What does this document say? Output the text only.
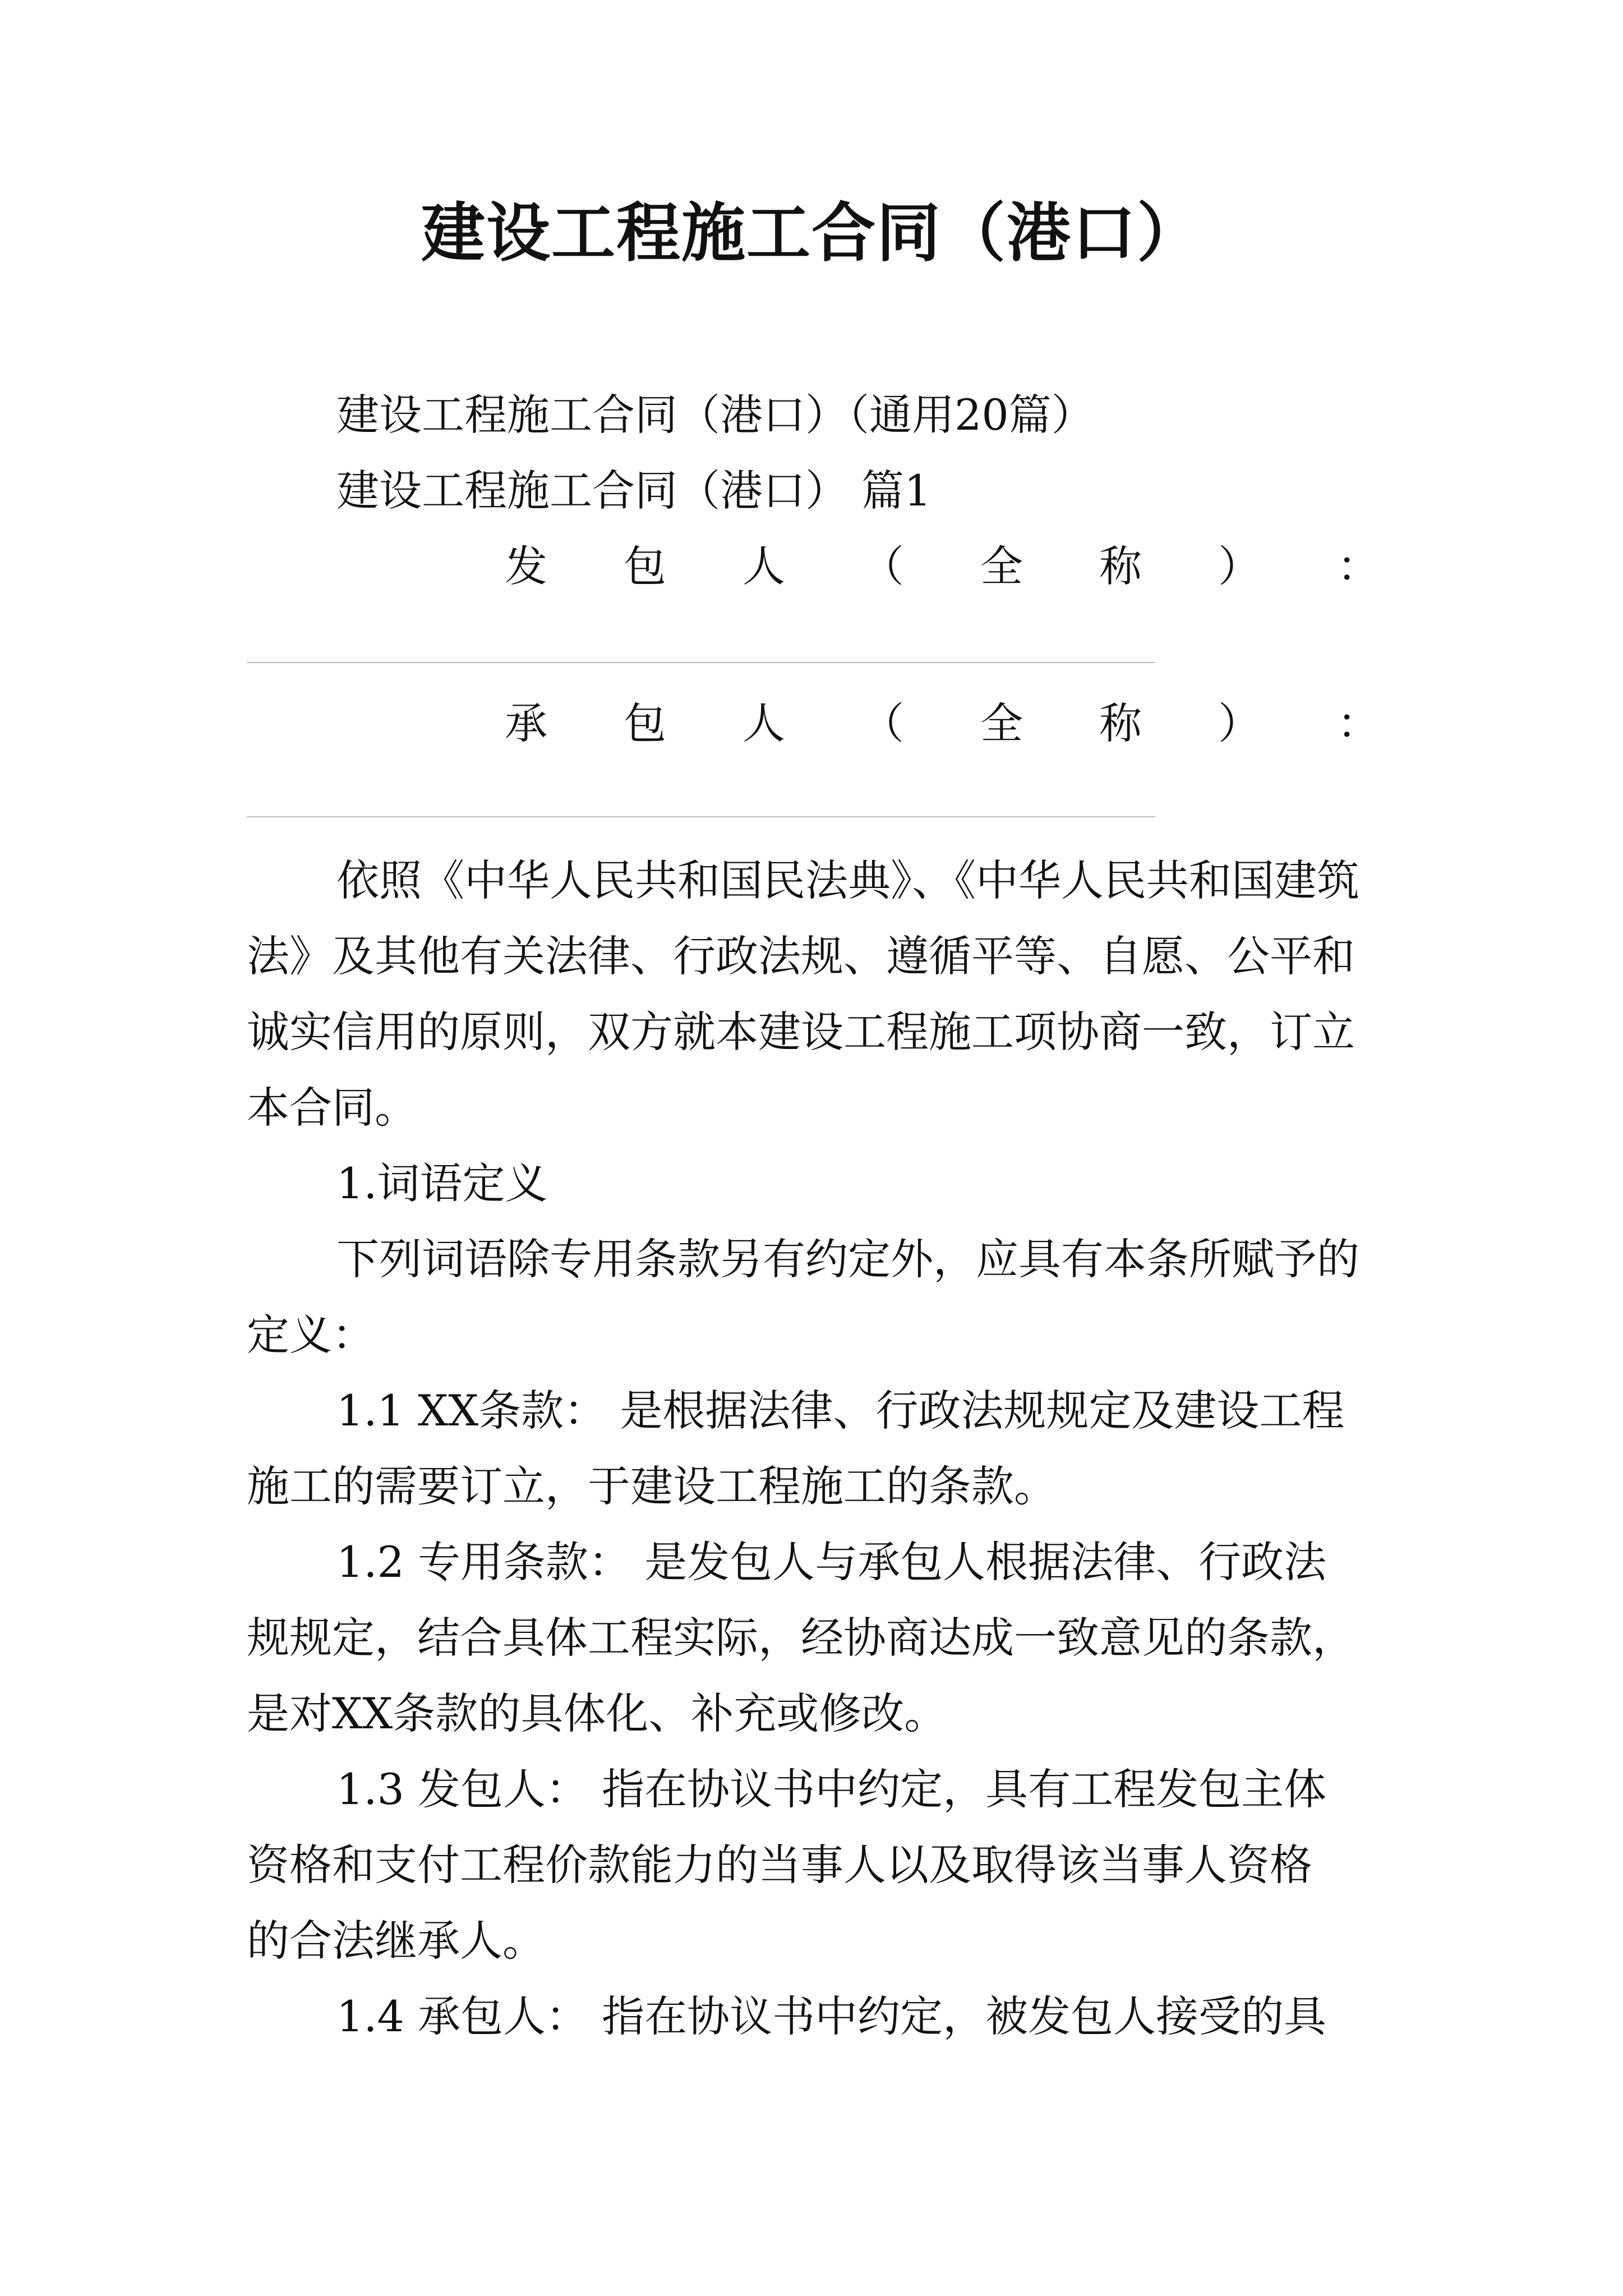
建设工程施工合同（港口）
建设工程施工合同（港口）（通用20篇）
建设工程施工合同（港口） 篇1
发 包 人 （ 全 称 ） ：
承 包 人 （ 全 称 ） ：
依照《中华人民共和国民法典》、《中华人民共和国建筑
法》及其他有关法律、行政法规、遵循平等、自愿、公平和
诚实信用的原则，双方就本建设工程施工项协商一致，订立
本合同。
1.词语定义
下列词语除专用条款另有约定外，应具有本条所赋予的
定义：
1.1 XX条款： 是根据法律、行政法规规定及建设工程
施工的需要订立，于建设工程施工的条款。
1.2 专用条款： 是发包人与承包人根据法律、行政法
规规定，结合具体工程实际，经协商达成一致意见的条款，
是对XX条款的具体化、补充或修改。
1.3 发包人： 指在协议书中约定，具有工程发包主体
资格和支付工程价款能力的当事人以及取得该当事人资格
的合法继承人。
1.4 承包人： 指在协议书中约定，被发包人接受的具
